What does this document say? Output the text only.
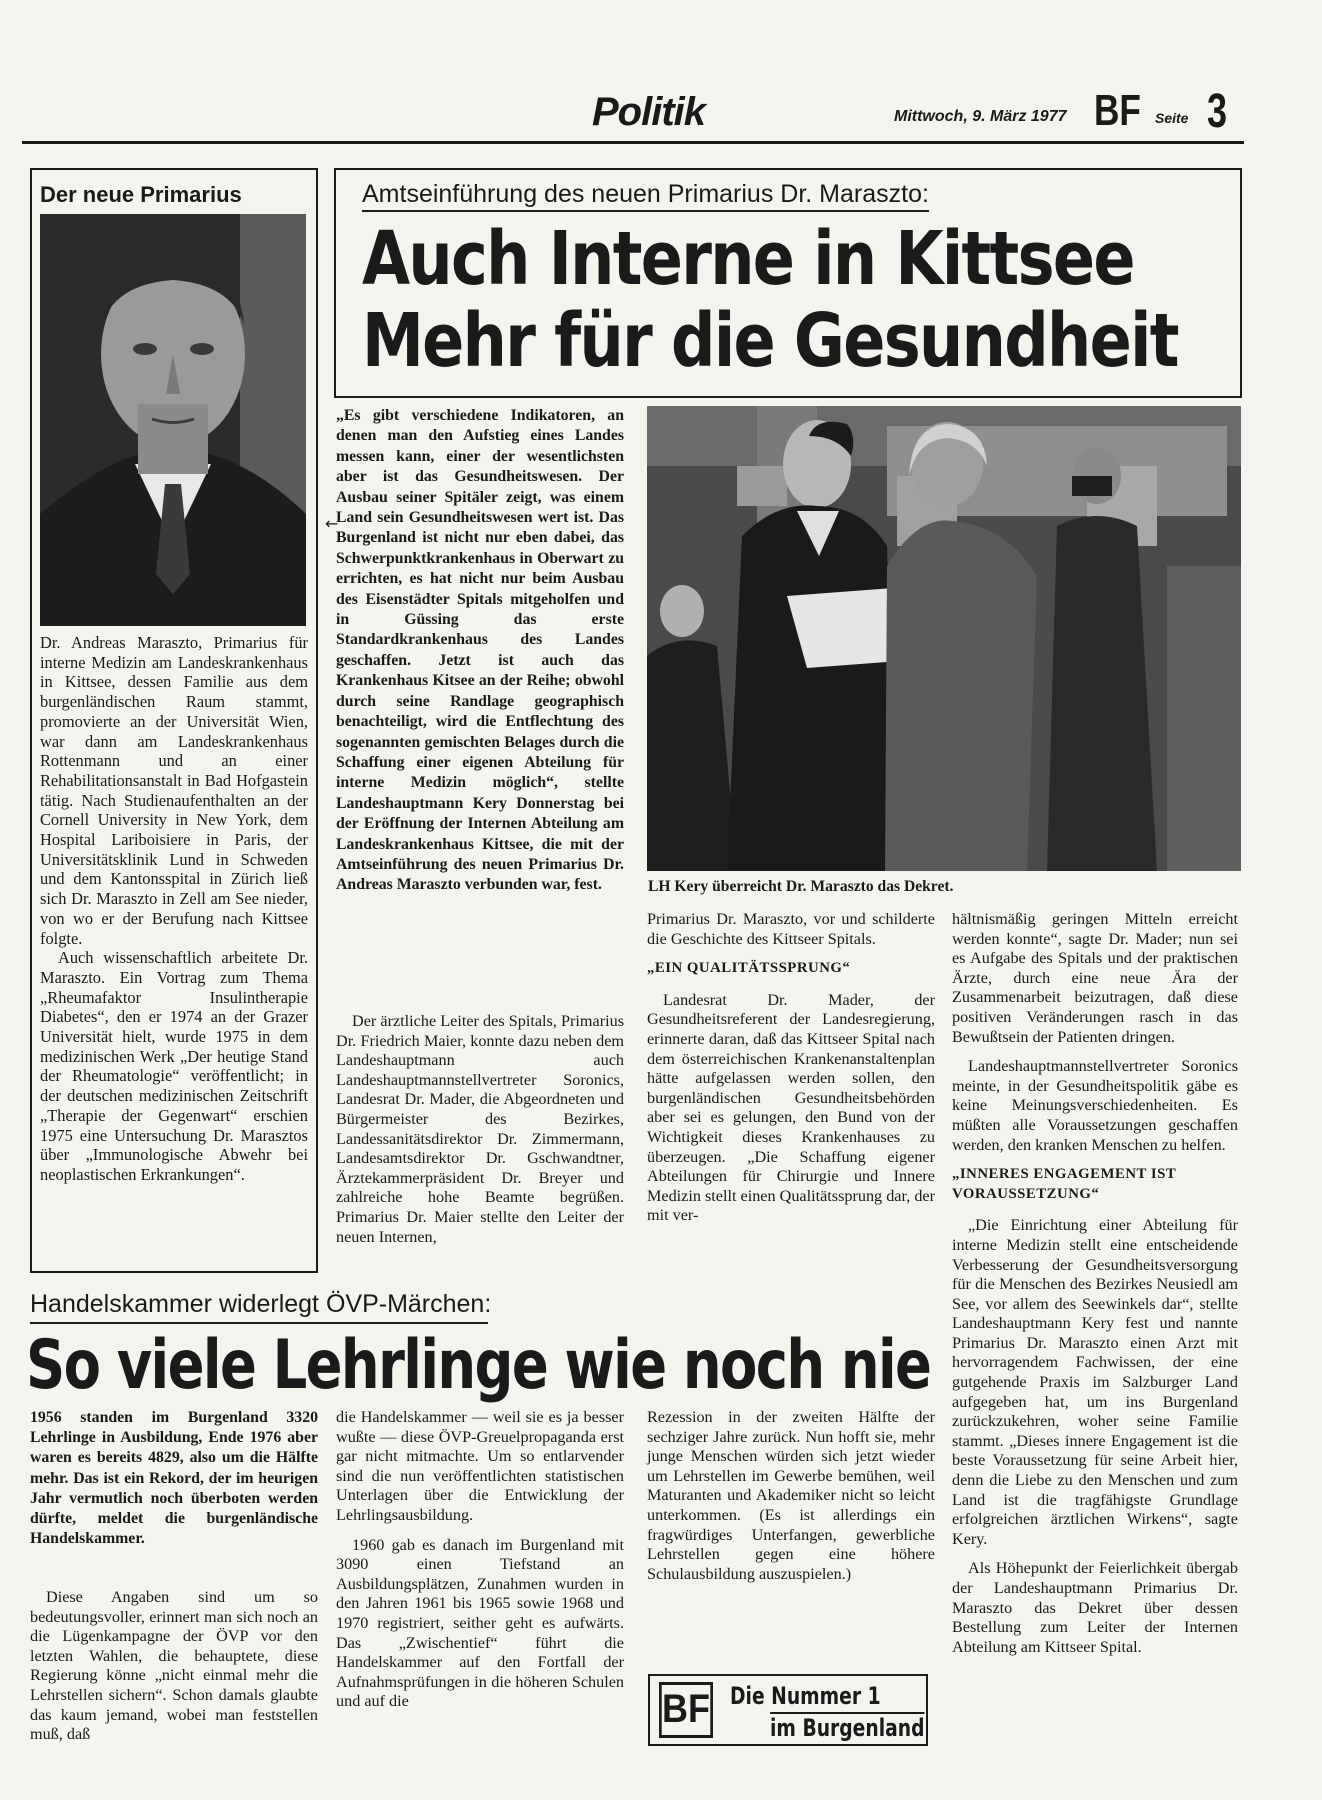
Politik	Mittwoch, 9. März 1977 BF Seite 3
Der neue Primarius

Dr. Andreas Maraszto, Primarius für interne Medizin am Landeskrankenhaus in Kittsee, dessen Familie aus dem burgenländischen Raum stammt, promovierte an der Universität Wien, war dann am Landeskrankenhaus Rottenmann und an einer Rehabilitationsanstalt in Bad Hofgastein tätig. Nach Studienaufenthalten an der Cornell University in New York, dem Hospital Lariboisiere in Paris, der Universitätsklinik Lund in Schweden und dem Kantonsspital in Zürich ließ sich Dr. Maraszto in Zell am See nieder, von wo er der Berufung nach Kittsee folgte.

Auch wissenschaftlich arbeitete Dr. Maraszto. Ein Vortrag zum Thema „Rheumafaktor Insulintherapie Diabetes“, den er 1974 an der Grazer Universität hielt, wurde 1975 in dem medizinischen Werk „Der heutige Stand der Rheumatologie“ veröffentlicht; in der deutschen medizinischen Zeitschrift „Therapie der Gegenwart“ erschien 1975 eine Untersuchung Dr. Marasztos über „Immunologische Abwehr bei neoplastischen Erkrankungen“.

Amtseinführung des neuen Primarius Dr. Maraszto:
Auch Interne in Kittsee
Mehr für die Gesundheit
←
„Es gibt verschiedene Indikatoren, an denen man den Aufstieg eines Landes messen kann, einer der wesentlichsten aber ist das Gesundheitswesen. Der Ausbau seiner Spitäler zeigt, was einem Land sein Gesundheitswesen wert ist. Das Burgenland ist nicht nur eben dabei, das Schwerpunktkrankenhaus in Oberwart zu errichten, es hat nicht nur beim Ausbau des Eisenstädter Spitals mitgeholfen und in Güssing das erste Standardkrankenhaus des Landes geschaffen. Jetzt ist auch das Krankenhaus Kitsee an der Reihe; obwohl durch seine Randlage geographisch benachteiligt, wird die Entflechtung des sogenannten gemischten Belages durch die Schaffung einer eigenen Abteilung für interne Medizin möglich“, stellte Landeshauptmann Kery Donnerstag bei der Eröffnung der Internen Abteilung am Landeskrankenhaus Kittsee, die mit der Amtseinführung des neuen Primarius Dr. Andreas Maraszto verbunden war, fest.	LH Kery überreicht Dr. Maraszto das Dekret.

Der ärztliche Leiter des Spitals, Primarius Dr. Friedrich Maier, konnte dazu neben dem Landeshauptmann auch Landeshauptmannstellvertreter Soronics, Landesrat Dr. Mader, die Abgeordneten und Bürgermeister des Bezirkes, Landessanitätsdirektor Dr. Zimmermann, Landesamtsdirektor Dr. Gschwandtner, Ärztekammerpräsident Dr. Breyer und zahlreiche hohe Beamte begrüßen. Primarius Dr. Maier stellte den Leiter der neuen Internen,

Primarius Dr. Maraszto, vor und schilderte die Geschichte des Kittseer Spitals.

„EIN QUALITÄTSSPRUNG“

Landesrat Dr. Mader, der Gesundheitsreferent der Landesregierung, erinnerte daran, daß das Kittseer Spital nach dem österreichischen Krankenanstaltenplan hätte aufgelassen werden sollen, den burgenländischen Gesundheitsbehörden aber sei es gelungen, den Bund von der Wichtigkeit dieses Krankenhauses zu überzeugen. „Die Schaffung eigener Abteilungen für Chirurgie und Innere Medizin stellt einen Qualitätssprung dar, der mit ver-

hältnismäßig geringen Mitteln erreicht werden konnte“, sagte Dr. Mader; nun sei es Aufgabe des Spitals und der praktischen Ärzte, durch eine neue Ära der Zusammenarbeit beizutragen, daß diese positiven Veränderungen rasch in das Bewußtsein der Patienten dringen.

Landeshauptmannstellvertreter Soronics meinte, in der Gesundheitspolitik gäbe es keine Meinungsverschiedenheiten. Es müßten alle Voraussetzungen geschaffen werden, den kranken Menschen zu helfen.

„INNERES ENGAGEMENT IST VORAUSSETZUNG“

„Die Einrichtung einer Abteilung für interne Medizin stellt eine entscheidende Verbesserung der Gesundheitsversorgung für die Menschen des Bezirkes Neusiedl am See, vor allem des Seewinkels dar“, stellte Landeshauptmann Kery fest und nannte Primarius Dr. Maraszto einen Arzt mit hervorragendem Fachwissen, der eine gutgehende Praxis im Salzburger Land aufgegeben hat, um ins Burgenland zurückzukehren, woher seine Familie stammt. „Dieses innere Engagement ist die beste Voraussetzung für seine Arbeit hier, denn die Liebe zu den Menschen und zum Land ist die tragfähigste Grundlage erfolgreichen ärztlichen Wirkens“, sagte Kery.

Als Höhepunkt der Feierlichkeit übergab der Landeshauptmann Primarius Dr. Maraszto das Dekret über dessen Bestellung zum Leiter der Internen Abteilung am Kittseer Spital.

Handelskammer widerlegt ÖVP-Märchen:
So viele Lehrlinge wie noch nie
1956 standen im Burgenland 3320 Lehrlinge in Ausbildung, Ende 1976 aber waren es bereits 4829, also um die Hälfte mehr. Das ist ein Rekord, der im heurigen Jahr vermutlich noch überboten werden dürfte, meldet die burgenländische Handelskammer.

Diese Angaben sind um so bedeutungsvoller, erinnert man sich noch an die Lügenkampagne der ÖVP vor den letzten Wahlen, die behauptete, diese Regierung könne „nicht einmal mehr die Lehrstellen sichern“. Schon damals glaubte das kaum jemand, wobei man feststellen muß, daß

die Handelskammer — weil sie es ja besser wußte — diese ÖVP-Greuelpropaganda erst gar nicht mitmachte. Um so entlarvender sind die nun veröffentlichten statistischen Unterlagen über die Entwicklung der Lehrlingsausbildung.

1960 gab es danach im Burgenland mit 3090 einen Tiefstand an Ausbildungsplätzen, Zunahmen wurden in den Jahren 1961 bis 1965 sowie 1968 und 1970 registriert, seither geht es aufwärts. Das „Zwischentief“ führt die Handelskammer auf den Fortfall der Aufnahmsprüfungen in die höheren Schulen und auf die

Rezession in der zweiten Hälfte der sechziger Jahre zurück. Nun hofft sie, mehr junge Menschen würden sich jetzt wieder um Lehrstellen im Gewerbe bemühen, weil Maturanten und Akademiker nicht so leicht unterkommen. (Es ist allerdings ein fragwürdiges Unterfangen, gewerbliche Lehrstellen gegen eine höhere Schulausbildung auszuspielen.)

BF Die Nummer 1
im Burgenland
